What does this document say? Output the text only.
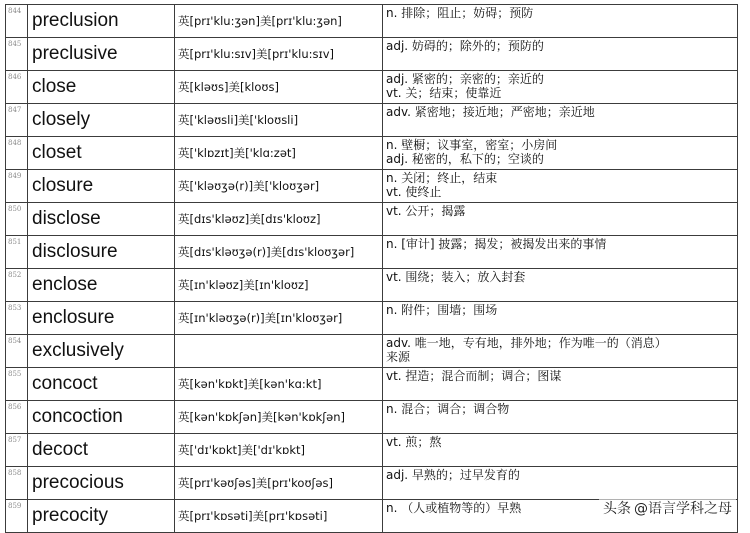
844	preclusion	英[prɪ'klu:ʒən]美[prɪ'klu:ʒən]	n. 排除；阻止；妨碍；预防

845	preclusive	英[prɪ'klu:sɪv]美[prɪ'klu:sɪv]	adj. 妨碍的；除外的；预防的

846	close	英[kləʊs]美[kloʊs]	adj. 紧密的；亲密的；亲近的
vt. 关；结束；使靠近

847	closely	英['kləʊsli]美['kloʊsli]	adv. 紧密地；接近地；严密地；亲近地

848	closet	英['klɒzɪt]美['klɑ:zət]	n. 壁橱；议事室，密室；小房间
adj. 秘密的，私下的；空谈的

849	closure	英['kləʊʒə(r)]美['kloʊʒər]	n. 关闭；终止，结束
vt. 使终止

850	disclose	英[dɪs'kləʊz]美[dɪs'kloʊz]	vt. 公开；揭露

851	disclosure	英[dɪs'kləʊʒə(r)]美[dɪs'kloʊʒər]	n. [审计] 披露；揭发；被揭发出来的事情

852	enclose	英[ɪn'kləʊz]美[ɪn'kloʊz]	vt. 围绕；装入；放入封套

853	enclosure	英[ɪn'kləʊʒə(r)]美[ɪn'kloʊʒər]	n. 附件；围墙；围场

854	exclusively		adv. 唯一地，专有地，排外地；作为唯一的（消息）
来源

855	concoct	英[kən'kɒkt]美[kən'kɑ:kt]	vt. 捏造；混合而制；调合；图谋

856	concoction	英[kən'kɒkʃən]美[kən'kɒkʃən]	n. 混合；调合；调合物

857	decoct	英['dɪ'kɒkt]美['dɪ'kɒkt]	vt. 煎；熬

858	precocious	英[prɪ'kəʊʃəs]美[prɪ'koʊʃəs]	adj. 早熟的；过早发育的

859	precocity	英[prɪ'kɒsəti]美[prɪ'kɒsəti]	n. （人或植物等的）早熟	头条 @语言学科之母
